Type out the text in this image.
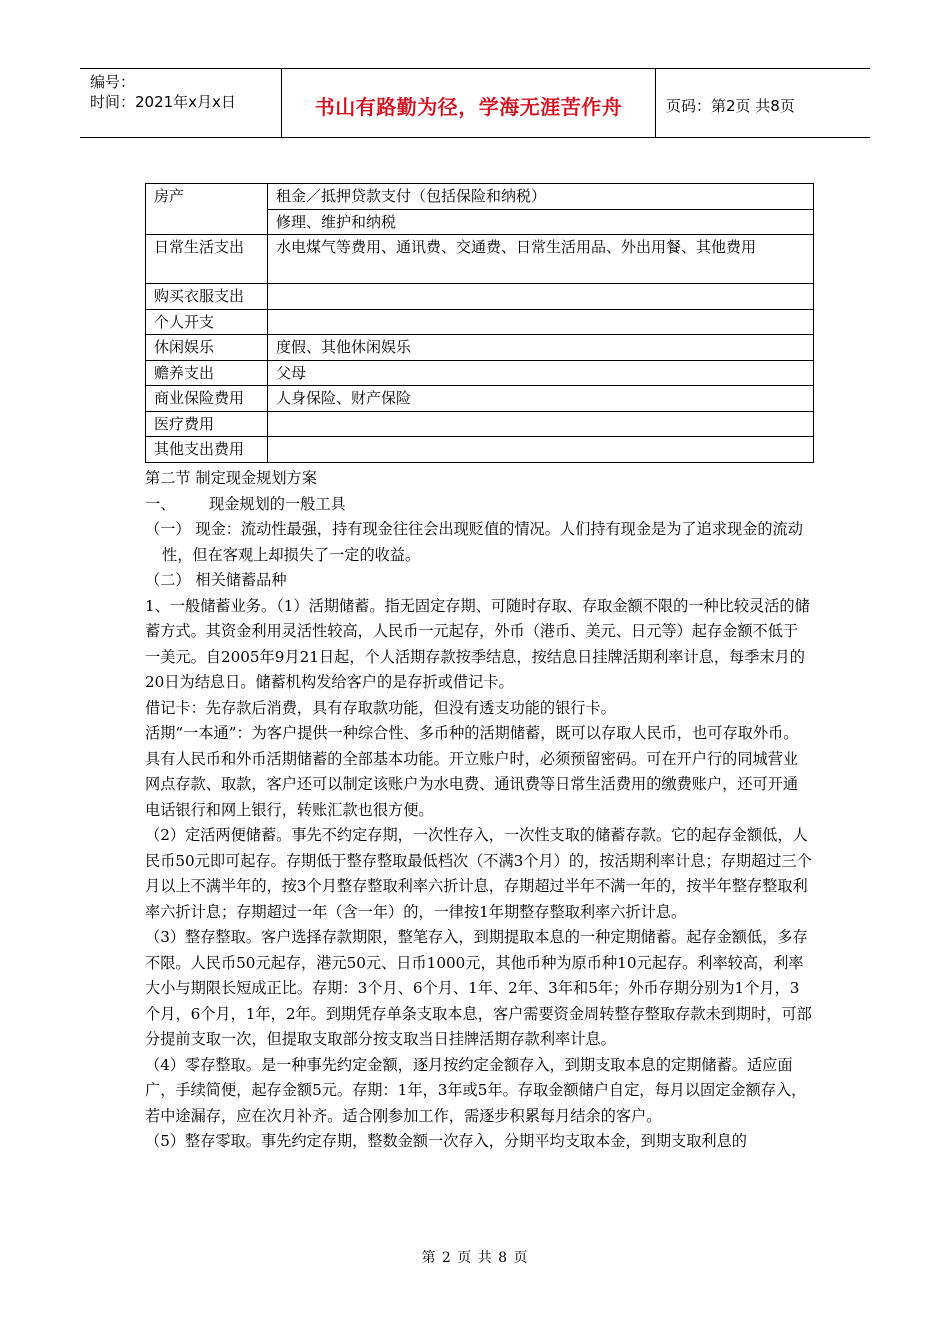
编号：
时间：2021年x月x日	书山有路勤为径，学海无涯苦作舟	页码：第2页 共8页
房产	租金／抵押贷款支付（包括保险和纳税）
	修理、维护和纳税
日常生活支出	水电煤气等费用、通讯费、交通费、日常生活用品、外出用餐、其他费用
购买衣服支出	
个人开支	
休闲娱乐	度假、其他休闲娱乐
赡养支出	父母
商业保险费用	人身保险、财产保险
医疗费用	
其他支出费用	

第二节 制定现金规划方案

一、 现金规划的一般工具

（一） 现金：流动性最强，持有现金往往会出现贬值的情况。人们持有现金是为了追求现金的流动性，但在客观上却损失了一定的收益。

（二） 相关储蓄品种

1、一般储蓄业务。（1）活期储蓄。指无固定存期、可随时存取、存取金额不限的一种比较灵活的储蓄方式。其资金利用灵活性较高，人民币一元起存，外币（港币、美元、日元等）起存金额不低于一美元。自2005年9月21日起，个人活期存款按季结息，按结息日挂牌活期利率计息，每季末月的20日为结息日。储蓄机构发给客户的是存折或借记卡。

借记卡：先存款后消费，具有存取款功能，但没有透支功能的银行卡。

活期“一本通”：为客户提供一种综合性、多币种的活期储蓄，既可以存取人民币，也可存取外币。具有人民币和外币活期储蓄的全部基本功能。开立账户时，必须预留密码。可在开户行的同城营业网点存款、取款，客户还可以制定该账户为水电费、通讯费等日常生活费用的缴费账户，还可开通电话银行和网上银行，转账汇款也很方便。

（2）定活两便储蓄。事先不约定存期，一次性存入，一次性支取的储蓄存款。它的起存金额低，人民币50元即可起存。存期低于整存整取最低档次（不满3个月）的，按活期利率计息；存期超过三个月以上不满半年的，按3个月整存整取利率六折计息，存期超过半年不满一年的，按半年整存整取利率六折计息；存期超过一年（含一年）的，一律按1年期整存整取利率六折计息。

（3）整存整取。客户选择存款期限，整笔存入，到期提取本息的一种定期储蓄。起存金额低，多存不限。人民币50元起存，港元50元、日币1000元，其他币种为原币种10元起存。利率较高，利率大小与期限长短成正比。存期：3个月、6个月、1年、2年、3年和5年；外币存期分别为1个月，3个月，6个月，1年，2年。到期凭存单条支取本息，客户需要资金周转整存整取存款未到期时，可部分提前支取一次，但提取支取部分按支取当日挂牌活期存款利率计息。

（4）零存整取。是一种事先约定金额，逐月按约定金额存入，到期支取本息的定期储蓄。适应面广，手续简便，起存金额5元。存期：1年，3年或5年。存取金额储户自定，每月以固定金额存入，若中途漏存，应在次月补齐。适合刚参加工作，需逐步积累每月结余的客户。

（5）整存零取。事先约定存期，整数金额一次存入，分期平均支取本金，到期支取利息的

第 2 页 共 8 页
